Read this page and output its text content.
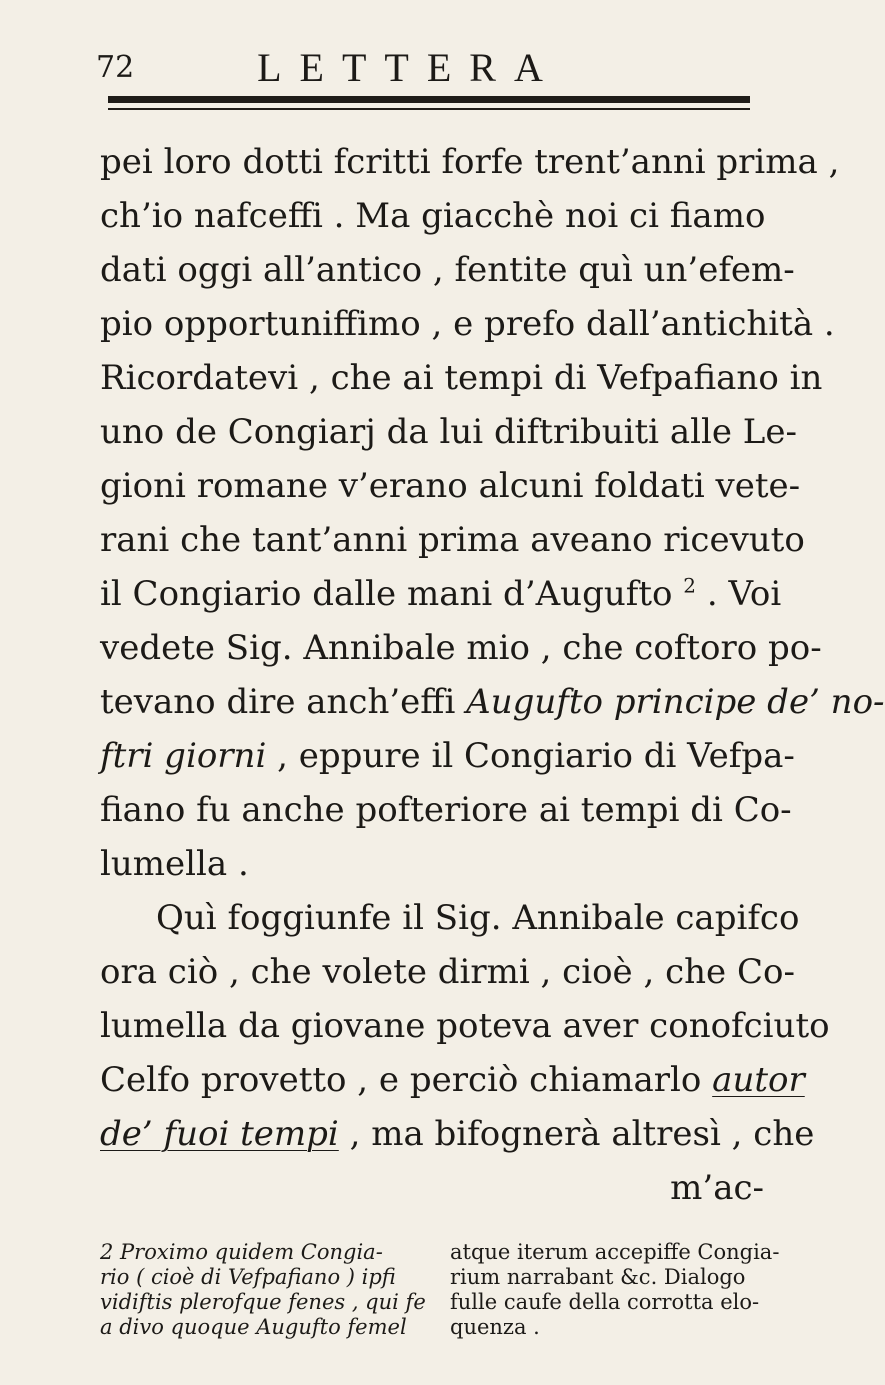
72	LETTERA
pei loro dotti fcritti forfe trent’anni prima ,
ch’io nafceffi . Ma giacchè noi ci fiamo
dati oggi all’antico , fentite quì un’efem-
pio opportuniffimo , e prefo dall’antichità .
Ricordatevi , che ai tempi di Vefpafiano in
uno de Congiarj da lui diftribuiti alle Le-
gioni romane v’erano alcuni foldati vete-
rani che tant’anni prima aveano ricevuto
il Congiario dalle mani d’Augufto $^2$ . Voi
vedete Sig. Annibale mio , che coftoro po-
tevano dire anch’effi Augufto principe de’ no-
ftri giorni , eppure il Congiario di Vefpa-
fiano fu anche pofteriore ai tempi di Co-
lumella .
Quì foggiunfe il Sig. Annibale capifco
ora ciò , che volete dirmi , cioè , che Co-
lumella da giovane poteva aver conofciuto
Celfo provetto , e perciò chiamarlo autor
de’ fuoi tempi , ma bifognerà altresì , che
m’ac-
2 Proximo quidem Congia-
rio ( cioè di Vefpafiano ) ipfi
vidiftis plerofque fenes , qui fe
a divo quoque Augufto femel
atque iterum accepiffe Congia-
rium narrabant &c. Dialogo
fulle caufe della corrotta elo-
quenza .
